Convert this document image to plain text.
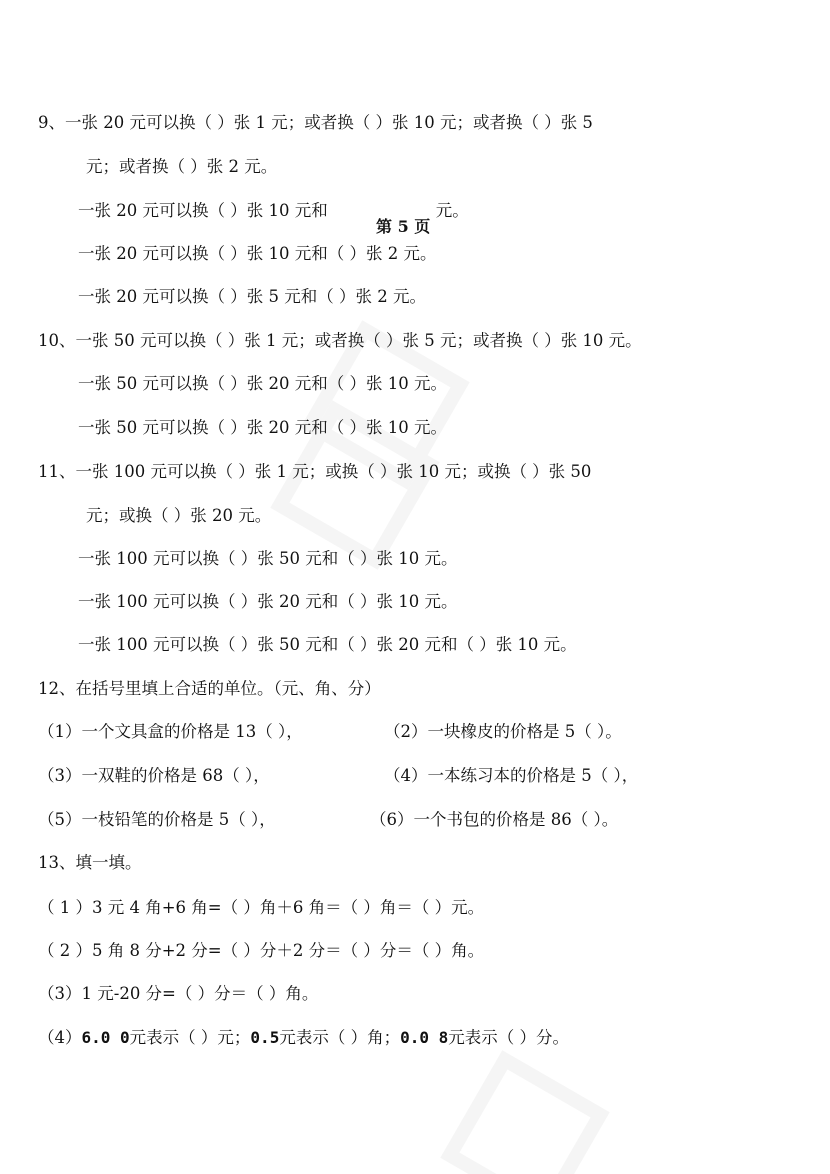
9、一张 20 元可以换（ ）张 1 元；或者换（ ）张 10 元；或者换（ ）张 5
元；或者换（ ）张 2 元。
一张 20 元可以换（ ）张 10 元和	元。
第 5 页
一张 20 元可以换（ ）张 10 元和（ ）张 2 元。
一张 20 元可以换（ ）张 5 元和（ ）张 2 元。
10、一张 50 元可以换（ ）张 1 元；或者换（ ）张 5 元；或者换（ ）张 10 元。
一张 50 元可以换（ ）张 20 元和（ ）张 10 元。
一张 50 元可以换（ ）张 20 元和（ ）张 10 元。
11、一张 100 元可以换（ ）张 1 元；或换（ ）张 10 元；或换（ ）张 50
元；或换（ ）张 20 元。
一张 100 元可以换（ ）张 50 元和（ ）张 10 元。
一张 100 元可以换（ ）张 20 元和（ ）张 10 元。
一张 100 元可以换（ ）张 50 元和（ ）张 20 元和（ ）张 10 元。
12、在括号里填上合适的单位。（元、角、分）
（1）一个文具盒的价格是 13（ ），	（2）一块橡皮的价格是 5（ ）。
（3）一双鞋的价格是 68（ ），	（4）一本练习本的价格是 5（ ），
（5）一枝铅笔的价格是 5（ ），	（6）一个书包的价格是 86（ ）。
13、填一填。
（ 1 ）3 元 4 角+6 角=（ ）角＋6 角＝（ ）角＝（ ）元。
（ 2 ）5 角 8 分+2 分=（ ）分＋2 分＝（ ）分＝（ ）角。
（3）1 元-20 分=（ ）分＝（ ）角。
（4）6.0 0元表示（ ）元；0.5元表示（ ）角；0.0 8元表示（ ）分。
